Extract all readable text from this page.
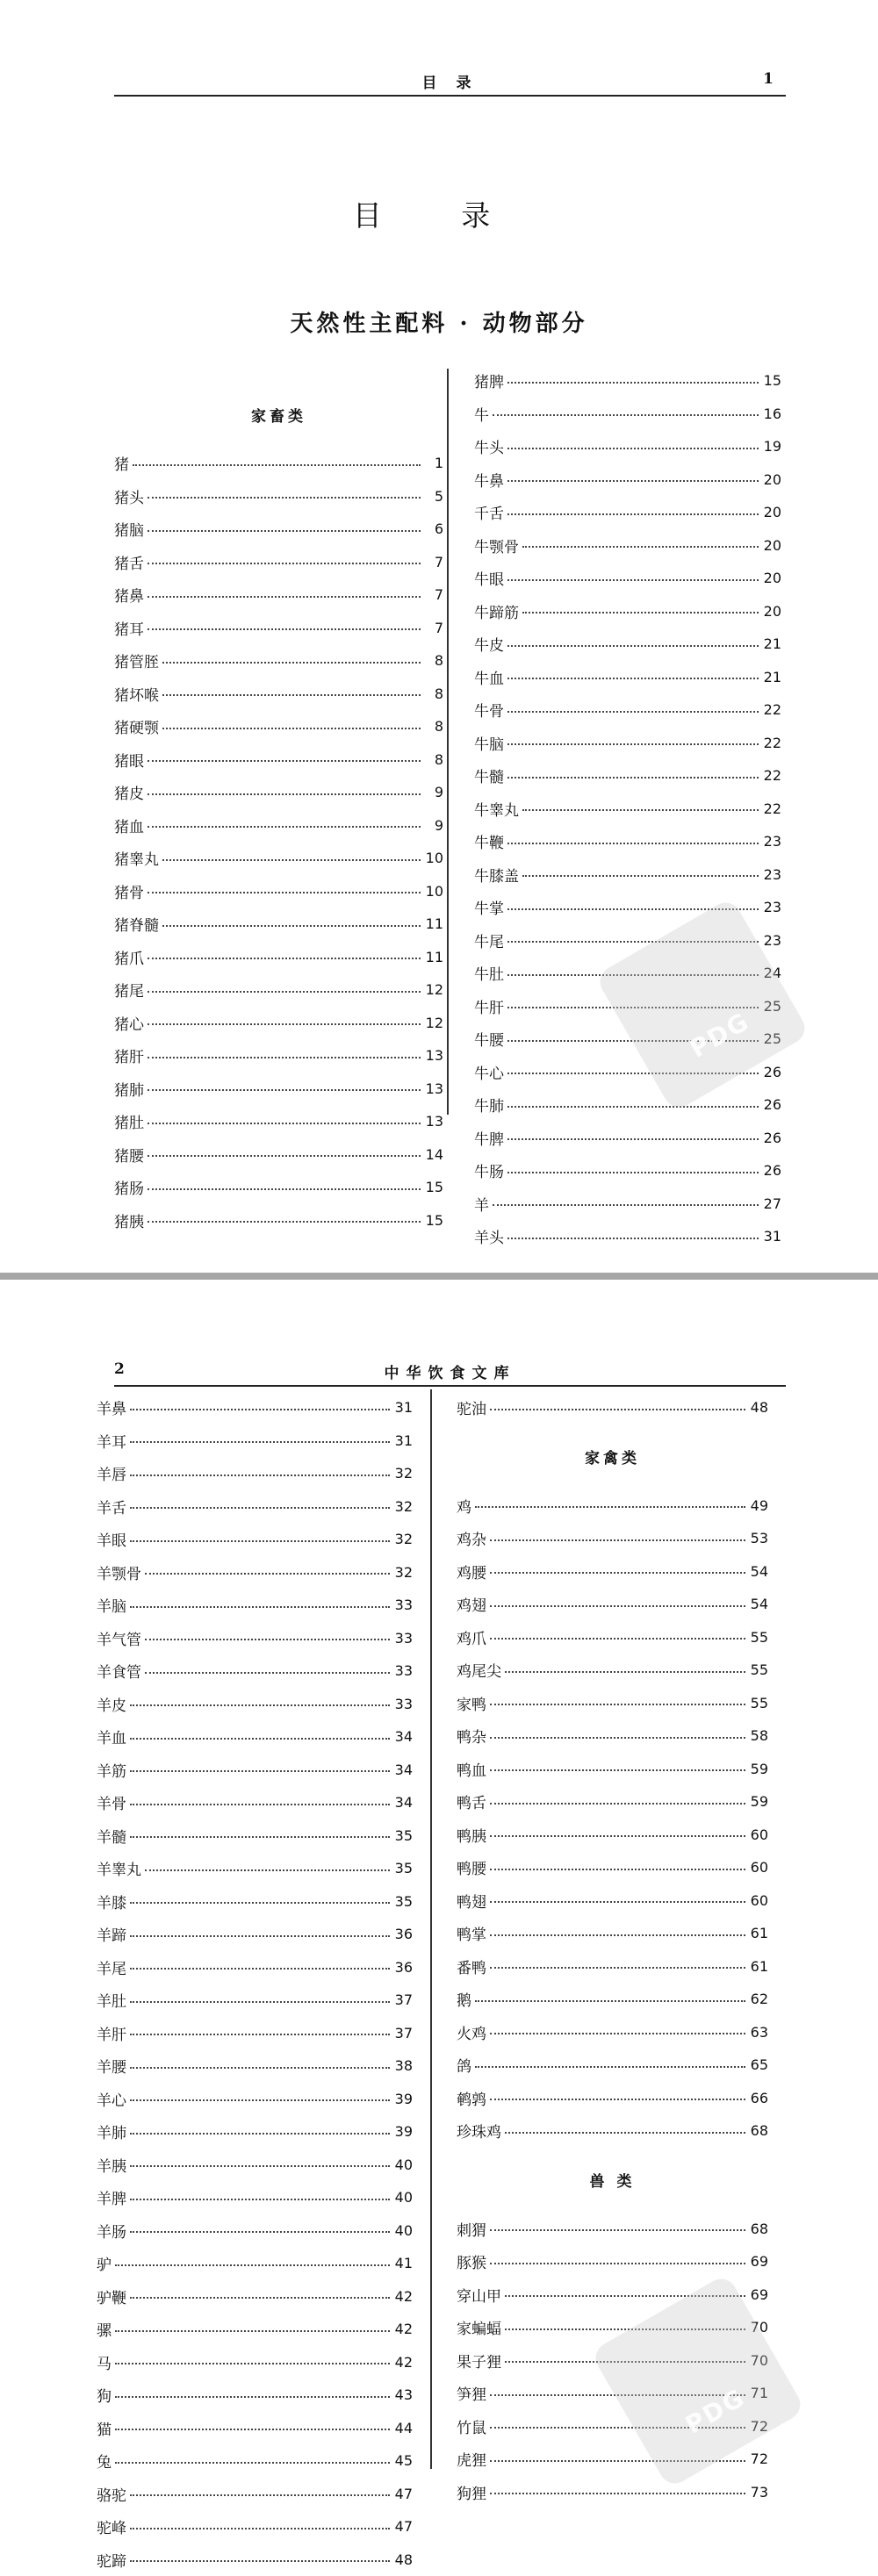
目 录	1
目 录
天然性主配料 · 动物部分
家畜类
猪	1
猪头	5
猪脑	6
猪舌	7
猪鼻	7
猪耳	7
猪管胵	8
猪坏喉	8
猪硬颚	8
猪眼	8
猪皮	9
猪血	9
猪睾丸	10
猪骨	10
猪脊髓	11
猪爪	11
猪尾	12
猪心	12
猪肝	13
猪肺	13
猪肚	13
猪腰	14
猪肠	15
猪胰	15
猪脾	15
牛	16
牛头	19
牛鼻	20
千舌	20
牛颚骨	20
牛眼	20
牛蹄筋	20
牛皮	21
牛血	21
牛骨	22
牛脑	22
牛髓	22
牛睾丸	22
牛鞭	23
牛膝盖	23
牛掌	23
牛尾	23
牛肚	24
牛肝	25
牛腰	25
牛心	26
牛肺	26
牛脾	26
牛肠	26
羊	27
羊头	31
PDG
2	中华饮食文库
羊鼻	31
羊耳	31
羊唇	32
羊舌	32
羊眼	32
羊颚骨	32
羊脑	33
羊气管	33
羊食管	33
羊皮	33
羊血	34
羊筋	34
羊骨	34
羊髓	35
羊睾丸	35
羊膝	35
羊蹄	36
羊尾	36
羊肚	37
羊肝	37
羊腰	38
羊心	39
羊肺	39
羊胰	40
羊脾	40
羊肠	40
驴	41
驴鞭	42
骡	42
马	42
狗	43
猫	44
兔	45
骆驼	47
驼峰	47
驼蹄	48
驼油	48
家禽类
鸡	49
鸡杂	53
鸡腰	54
鸡翅	54
鸡爪	55
鸡尾尖	55
家鸭	55
鸭杂	58
鸭血	59
鸭舌	59
鸭胰	60
鸭腰	60
鸭翅	60
鸭掌	61
番鸭	61
鹅	62
火鸡	63
鸽	65
鹌鹑	66
珍珠鸡	68
兽 类
刺猬	68
豚猴	69
穿山甲	69
家蝙蝠	70
果子狸	70
笋狸	71
竹鼠	72
虎狸	72
狗狸	73
PDG
